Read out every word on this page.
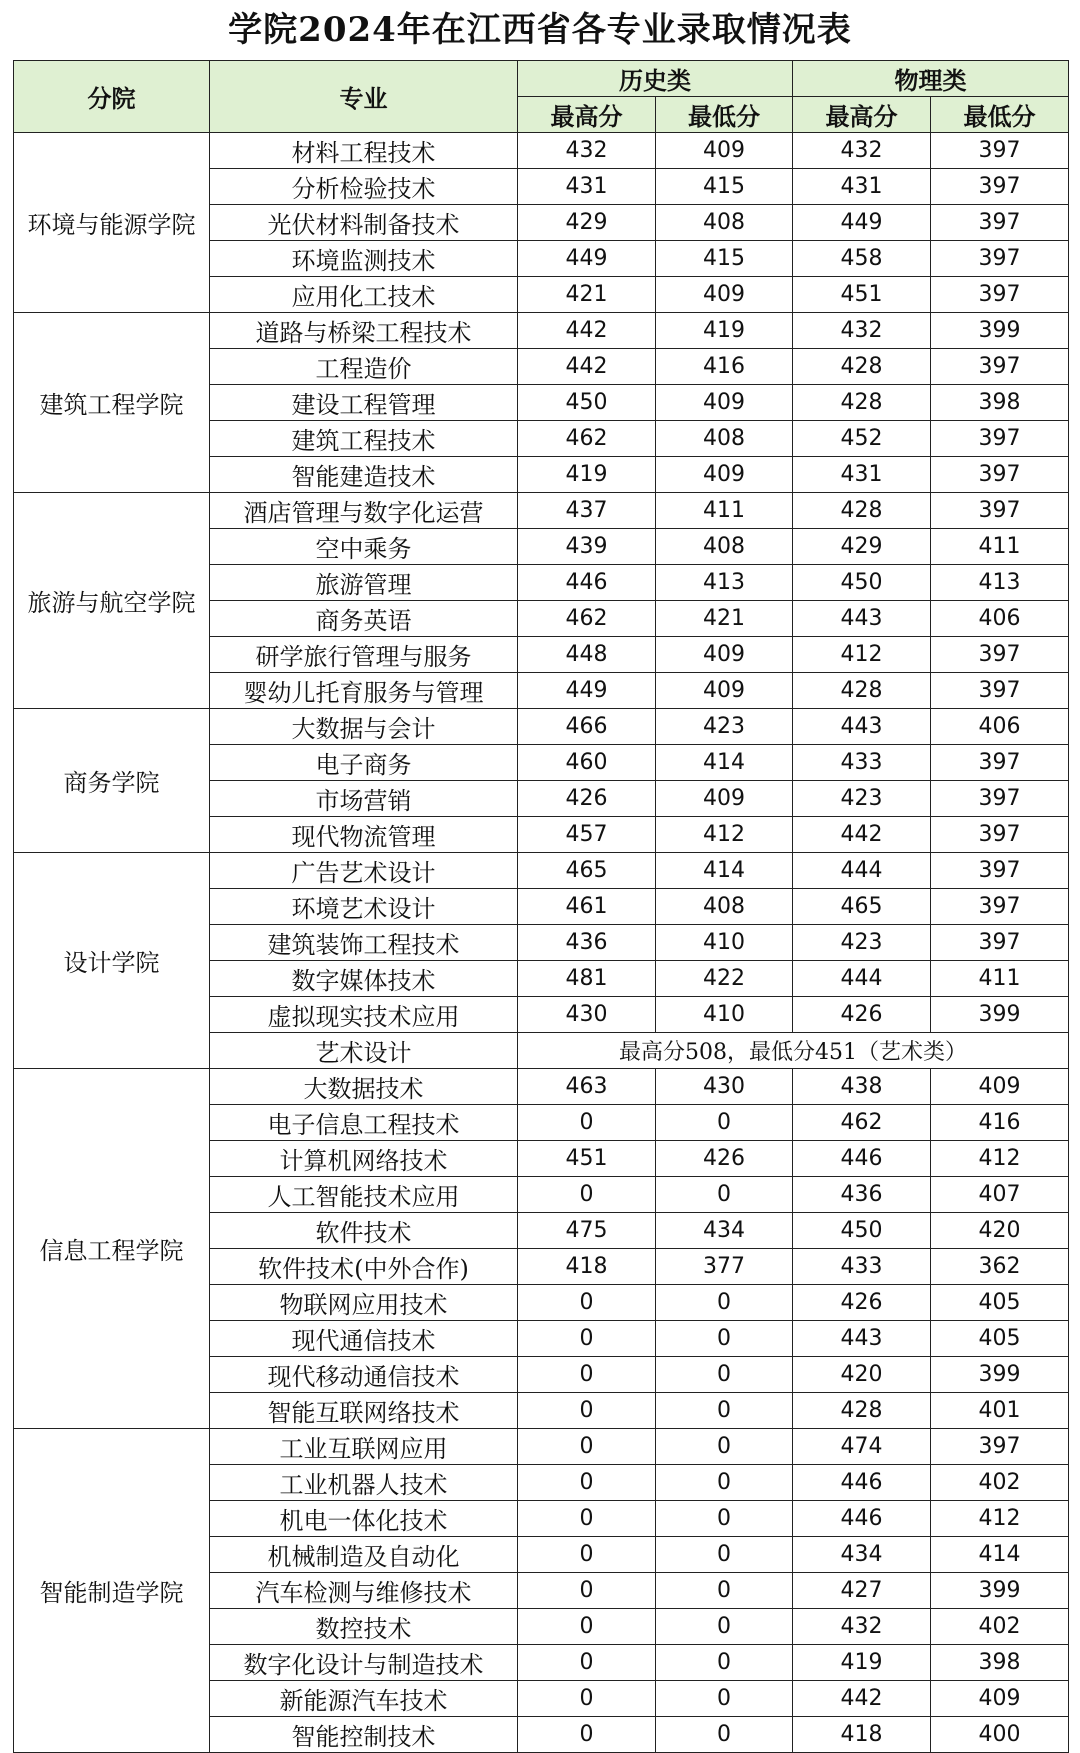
学院2024年在江西省各专业录取情况表
分院	专业	历史类		物理类	
		最高分	最低分	最高分	最低分
环境与能源学院	材料工程技术	432	409	432	397
	分析检验技术	431	415	431	397
	光伏材料制备技术	429	408	449	397
	环境监测技术	449	415	458	397
	应用化工技术	421	409	451	397
建筑工程学院	道路与桥梁工程技术	442	419	432	399
	工程造价	442	416	428	397
	建设工程管理	450	409	428	398
	建筑工程技术	462	408	452	397
	智能建造技术	419	409	431	397
旅游与航空学院	酒店管理与数字化运营	437	411	428	397
	空中乘务	439	408	429	411
	旅游管理	446	413	450	413
	商务英语	462	421	443	406
	研学旅行管理与服务	448	409	412	397
	婴幼儿托育服务与管理	449	409	428	397
商务学院	大数据与会计	466	423	443	406
	电子商务	460	414	433	397
	市场营销	426	409	423	397
	现代物流管理	457	412	442	397
设计学院	广告艺术设计	465	414	444	397
	环境艺术设计	461	408	465	397
	建筑装饰工程技术	436	410	423	397
	数字媒体技术	481	422	444	411
	虚拟现实技术应用	430	410	426	399
	艺术设计	最高分508，最低分451（艺术类）			
信息工程学院	大数据技术	463	430	438	409
	电子信息工程技术	0	0	462	416
	计算机网络技术	451	426	446	412
	人工智能技术应用	0	0	436	407
	软件技术	475	434	450	420
	软件技术(中外合作)	418	377	433	362
	物联网应用技术	0	0	426	405
	现代通信技术	0	0	443	405
	现代移动通信技术	0	0	420	399
	智能互联网络技术	0	0	428	401
智能制造学院	工业互联网应用	0	0	474	397
	工业机器人技术	0	0	446	402
	机电一体化技术	0	0	446	412
	机械制造及自动化	0	0	434	414
	汽车检测与维修技术	0	0	427	399
	数控技术	0	0	432	402
	数字化设计与制造技术	0	0	419	398
	新能源汽车技术	0	0	442	409
	智能控制技术	0	0	418	400
